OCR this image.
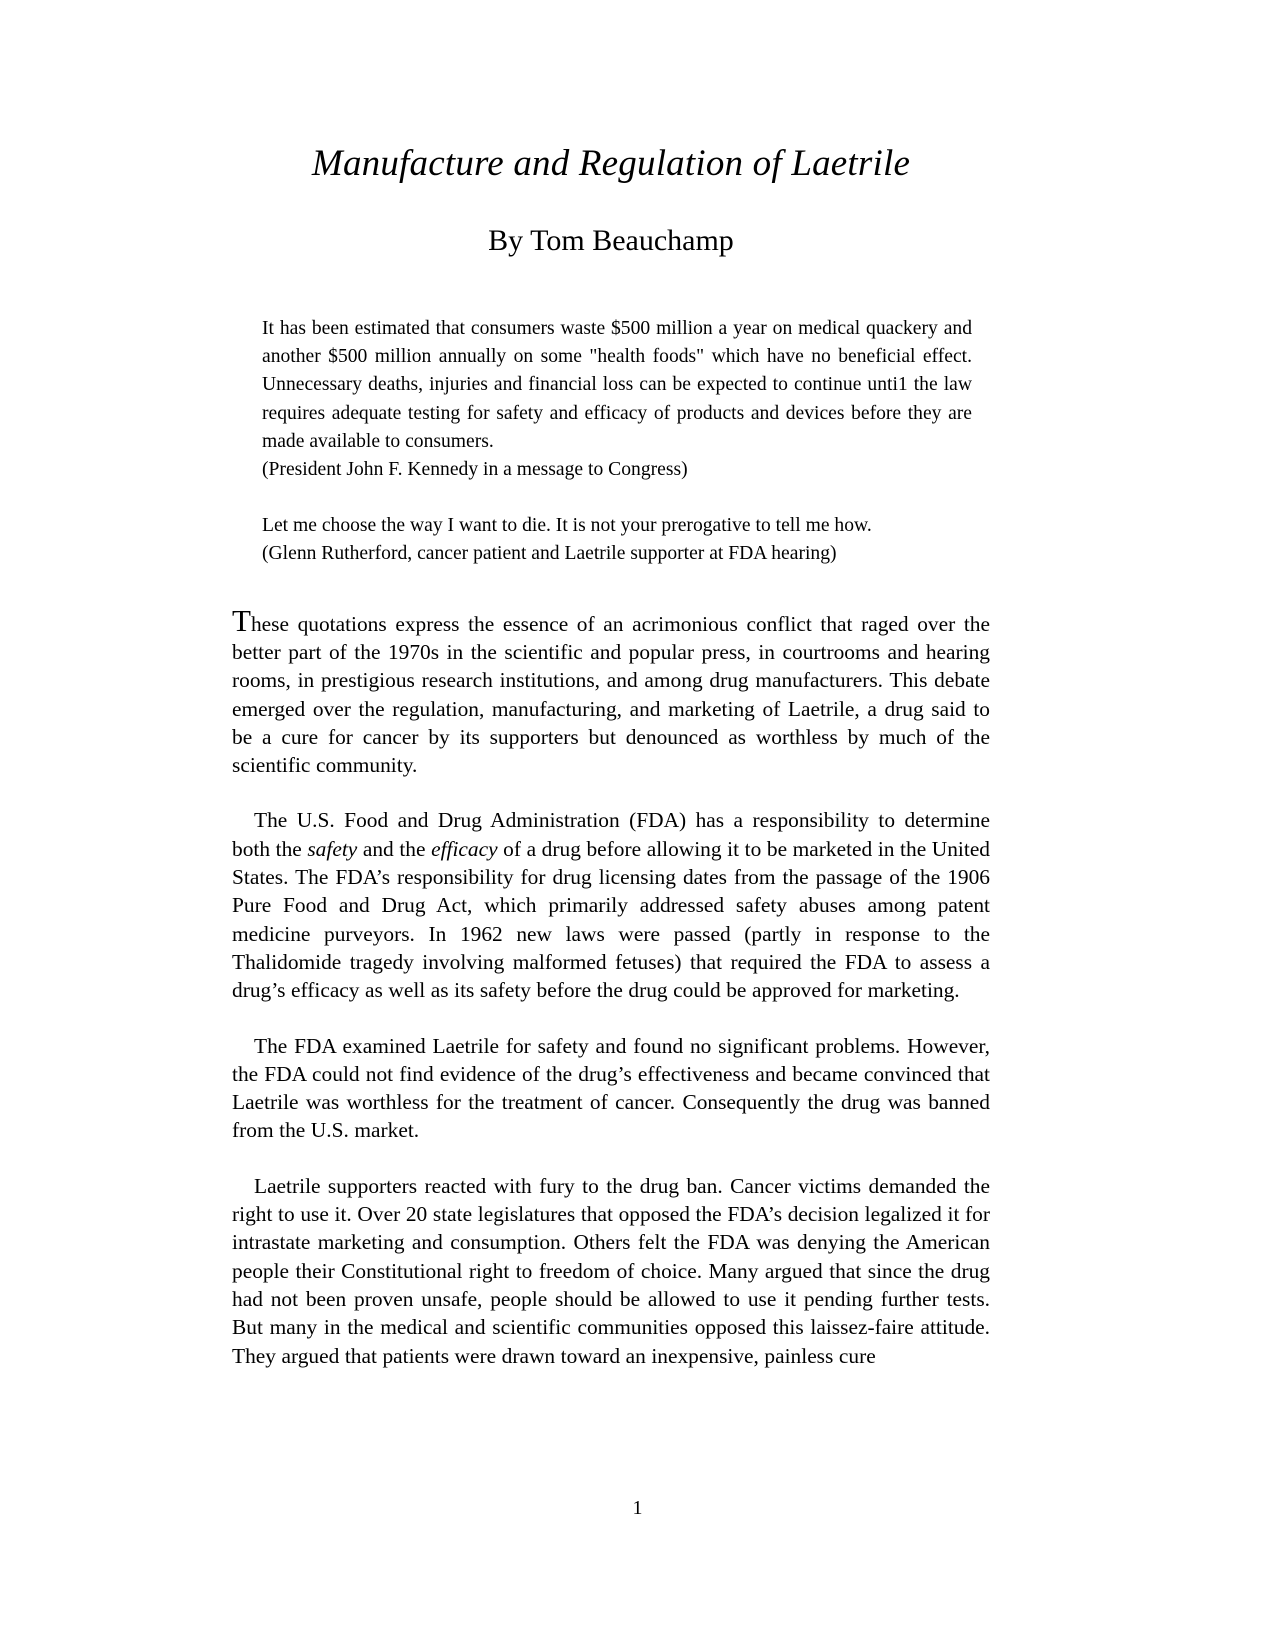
Manufacture and Regulation of Laetrile
By Tom Beauchamp

It has been estimated that consumers waste $500 million a year on medical quackery and another $500 million annually on some "health foods" which have no beneficial effect. Unnecessary deaths, injuries and financial loss can be expected to continue unti1 the law requires adequate testing for safety and efficacy of products and devices before they are made available to consumers.

(President John F. Kennedy in a message to Congress)

Let me choose the way I want to die. It is not your prerogative to tell me how.

(Glenn Rutherford, cancer patient and Laetrile supporter at FDA hearing)

These quotations express the essence of an acrimonious conflict that raged over the better part of the 1970s in the scientific and popular press, in courtrooms and hearing rooms, in prestigious research institutions, and among drug manufacturers. This debate emerged over the regulation, manufacturing, and marketing of Laetrile, a drug said to be a cure for cancer by its supporters but denounced as worthless by much of the scientific community.

The U.S. Food and Drug Administration (FDA) has a responsibility to determine both the safety and the efficacy of a drug before allowing it to be marketed in the United States. The FDA’s responsibility for drug licensing dates from the passage of the 1906 Pure Food and Drug Act, which primarily addressed safety abuses among patent medicine purveyors. In 1962 new laws were passed (partly in response to the Thalidomide tragedy involving malformed fetuses) that required the FDA to assess a drug’s efficacy as well as its safety before the drug could be approved for marketing.

The FDA examined Laetrile for safety and found no significant problems. However, the FDA could not find evidence of the drug’s effectiveness and became convinced that Laetrile was worthless for the treatment of cancer. Consequently the drug was banned from the U.S. market.

Laetrile supporters reacted with fury to the drug ban. Cancer victims demanded the right to use it. Over 20 state legislatures that opposed the FDA’s decision legalized it for intrastate marketing and consumption. Others felt the FDA was denying the American people their Constitutional right to freedom of choice. Many argued that since the drug had not been proven unsafe, people should be allowed to use it pending further tests. But many in the medical and scientific communities opposed this laissez-faire attitude. They argued that patients were drawn toward an inexpensive, painless cure

1
